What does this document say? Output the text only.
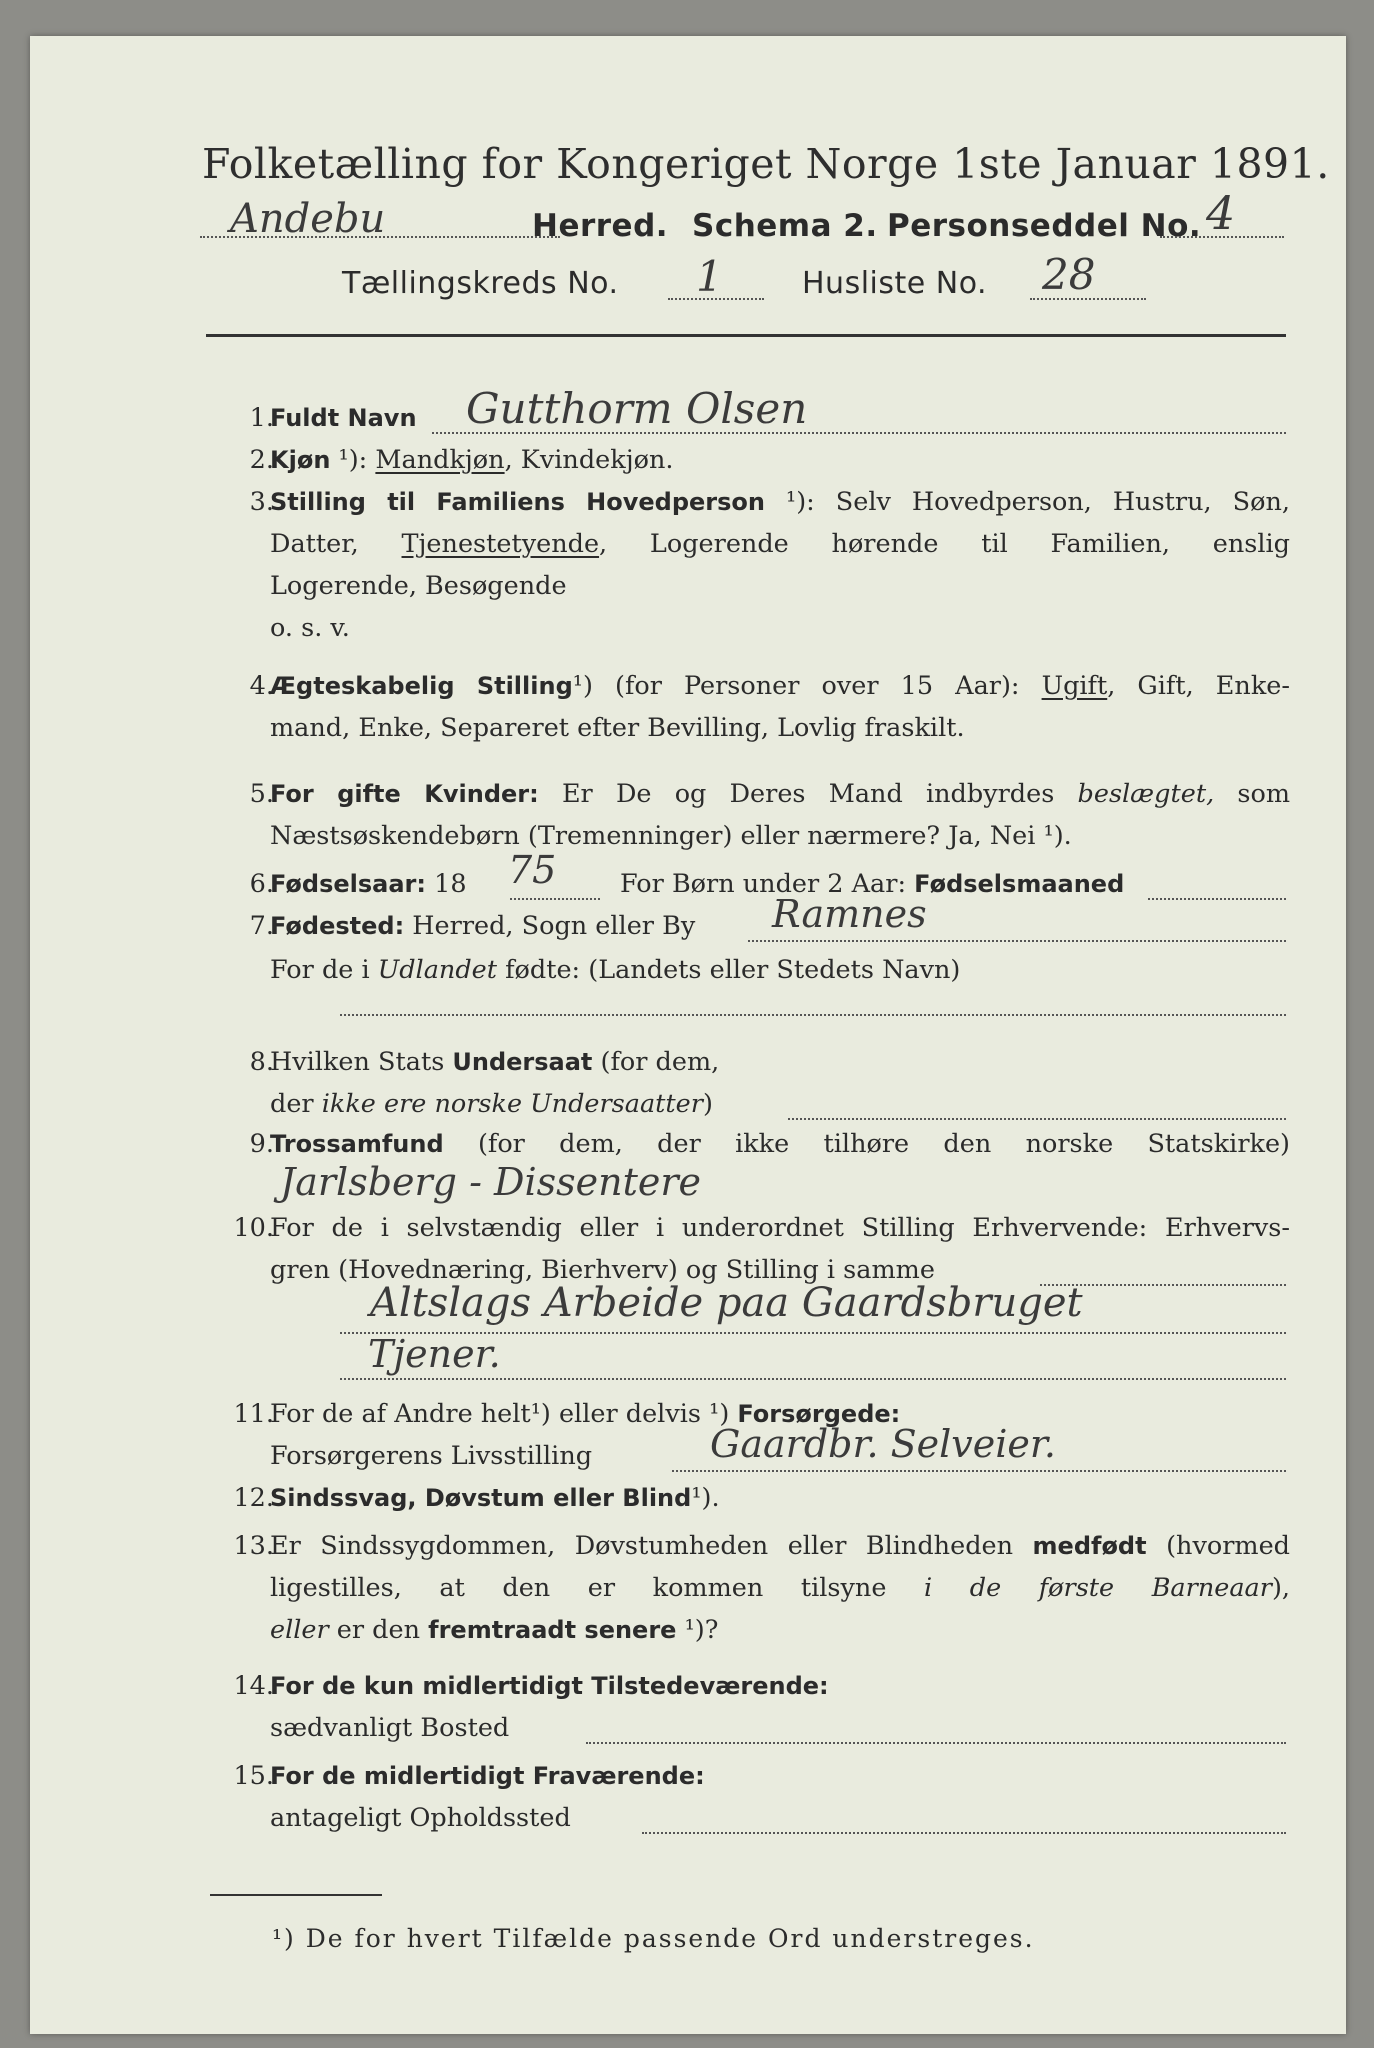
Folketælling for Kongeriget Norge 1ste Januar 1891.
Andebu	Herred. Schema 2. Personseddel No. 4
Tællingskreds No. 1	Husliste No. 28
1.
Fuldt Navn	Gutthorm Olsen
2.
Kjøn ¹): Mandkjøn, Kvindekjøn.
3.
Stilling til Familiens Hovedperson ¹): Selv Hovedperson, Hustru, Søn,
Datter, Tjenestetyende, Logerende hørende til Familien, enslig
Logerende, Besøgende
o. s. v.
4.
Ægteskabelig Stilling¹) (for Personer over 15 Aar): Ugift, Gift, Enke-
mand, Enke, Separeret efter Bevilling, Lovlig fraskilt.
5.
For gifte Kvinder: Er De og Deres Mand indbyrdes beslægtet, som
Næstsøskendebørn (Tremenninger) eller nærmere? Ja, Nei ¹).
6.
Fødselsaar: 18	75 For Børn under 2 Aar: Fødselsmaaned
7.
Fødested: Herred, Sogn eller By	Ramnes
For de i Udlandet fødte: (Landets eller Stedets Navn)
8.
Hvilken Stats Undersaat (for dem,
der ikke ere norske Undersaatter)
9.
Trossamfund (for dem, der ikke tilhøre den norske Statskirke)
Jarlsberg - Dissentere
10.
For de i selvstændig eller i underordnet Stilling Erhvervende: Erhvervs-
gren (Hovednæring, Bierhverv) og Stilling i samme
Altslags Arbeide paa Gaardsbruget
Tjener.
11.
For de af Andre helt¹) eller delvis ¹) Forsørgede:
Forsørgerens Livsstilling	Gaardbr. Selveier.
12.
Sindssvag, Døvstum eller Blind¹).
13.
Er Sindssygdommen, Døvstumheden eller Blindheden medfødt (hvormed
ligestilles, at den er kommen tilsyne i de første Barneaar),
eller er den fremtraadt senere ¹)?
14.
For de kun midlertidigt Tilstedeværende:
sædvanligt Bosted
15.
For de midlertidigt Fraværende:
antageligt Opholdssted
¹) De for hvert Tilfælde passende Ord understreges.
